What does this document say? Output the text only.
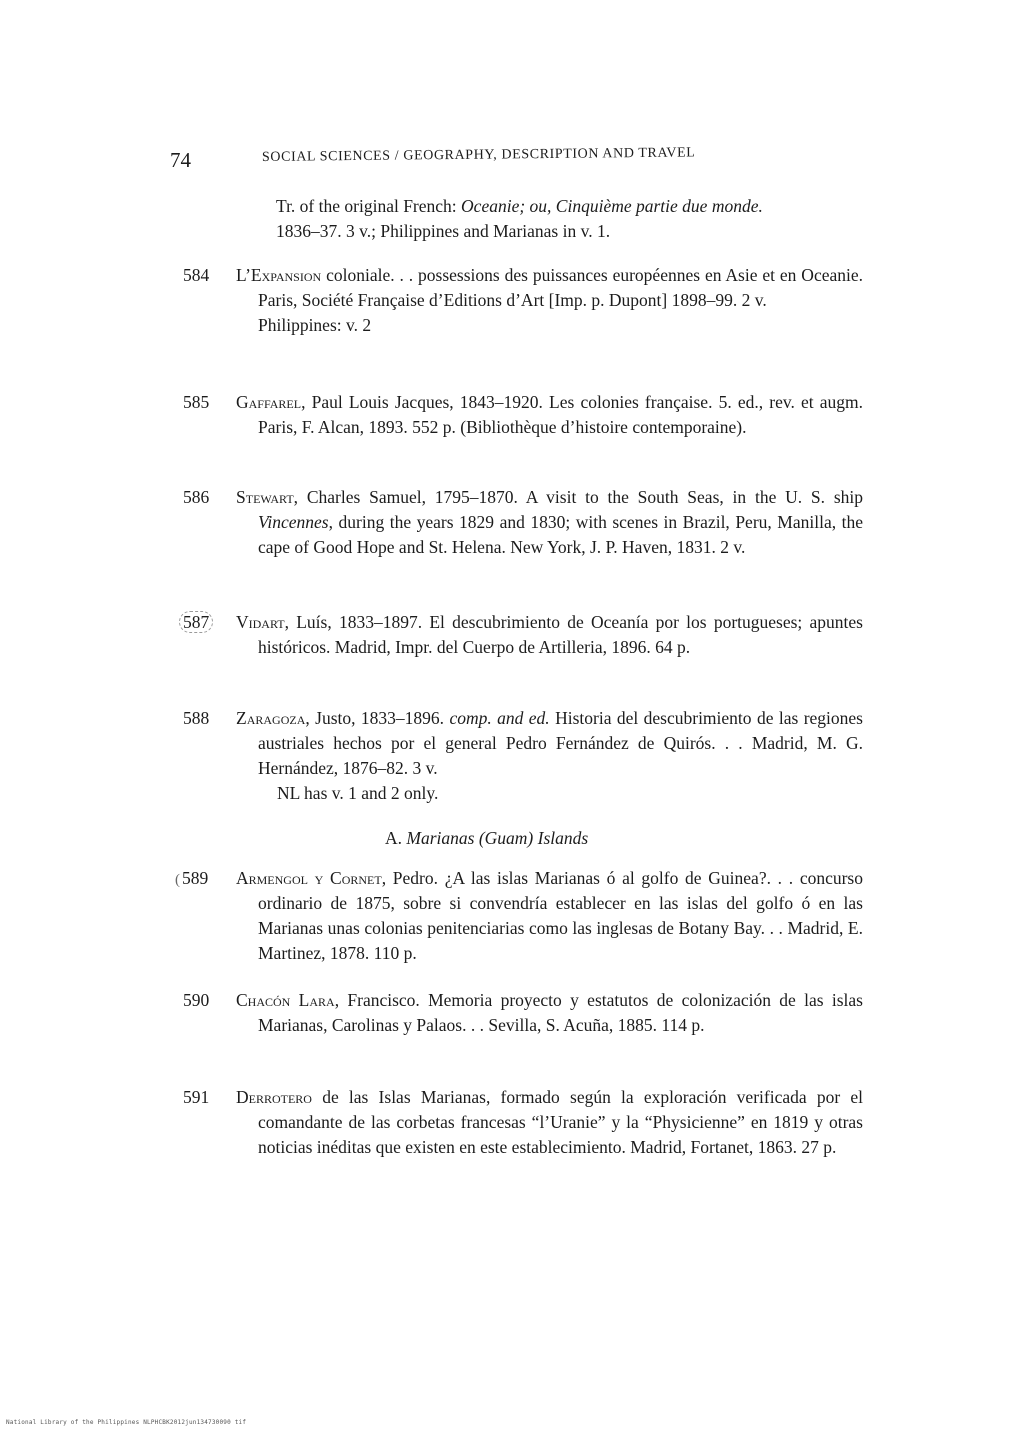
74	SOCIAL SCIENCES / GEOGRAPHY, DESCRIPTION AND TRAVEL
Tr. of the original French: Oceanie; ou, Cinquième partie due monde.
1836–37. 3 v.; Philippines and Marianas in v. 1.
584	L’Expansion coloniale. . . possessions des puissances européennes en Asie et en Oceanie. Paris, Société Française d’Editions d’Art [Imp. p. Dupont] 1898–99. 2 v.
Philippines: v. 2
585	Gaffarel, Paul Louis Jacques, 1843–1920. Les colonies française. 5. ed., rev. et augm. Paris, F. Alcan, 1893. 552 p. (Bibliothèque d’histoire contemporaine).
586	Stewart, Charles Samuel, 1795–1870. A visit to the South Seas, in the U. S. ship Vincennes, during the years 1829 and 1830; with scenes in Brazil, Peru, Manilla, the cape of Good Hope and St. Helena. New York, J. P. Haven, 1831. 2 v.
587	Vidart, Luís, 1833–1897. El descubrimiento de Oceanía por los portugueses; apuntes históricos. Madrid, Impr. del Cuerpo de Artilleria, 1896. 64 p.
588	Zaragoza, Justo, 1833–1896. comp. and ed. Historia del descubrimiento de las regiones austriales hechos por el general Pedro Fernández de Quirós. . . Madrid, M. G. Hernández, 1876–82. 3 v.
NL has v. 1 and 2 only.
A. Marianas (Guam) Islands
( 589	Armengol y Cornet, Pedro. ¿A las islas Marianas ó al golfo de Guinea?. . . concurso ordinario de 1875, sobre si convendría establecer en las islas del golfo ó en las Marianas unas colonias penitenciarias como las inglesas de Botany Bay. . . Madrid, E. Martinez, 1878. 110 p.
590	Chacón Lara, Francisco. Memoria proyecto y estatutos de colonización de las islas Marianas, Carolinas y Palaos. . . Sevilla, S. Acuña, 1885. 114 p.
591	Derrotero de las Islas Marianas, formado según la exploración verificada por el comandante de las corbetas francesas “l’Uranie” y la “Physicienne” en 1819 y otras noticias inéditas que existen en este establecimiento. Madrid, Fortanet, 1863. 27 p.
National Library of the Philippines NLPHCBK2012jun134730090 tif
